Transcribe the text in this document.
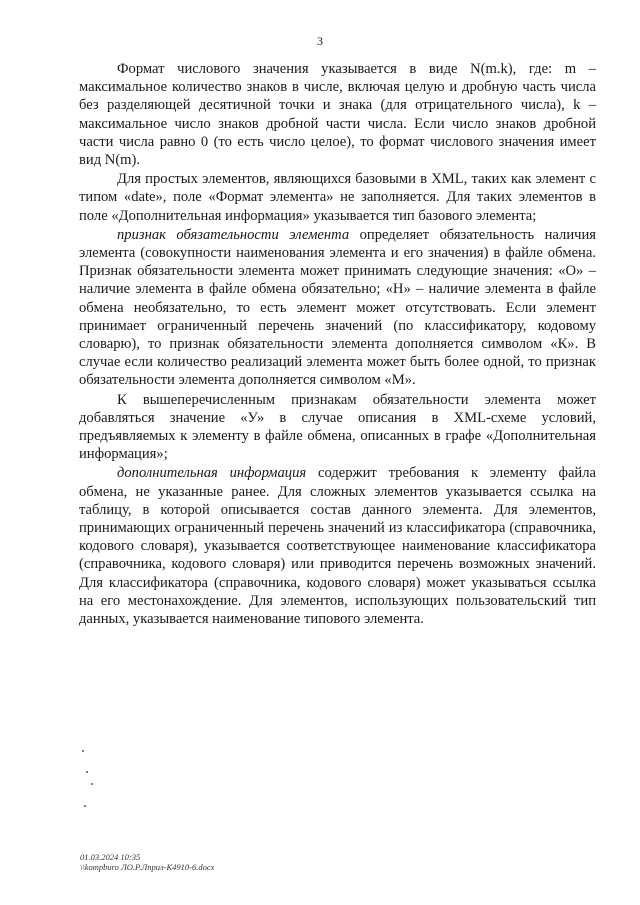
3

Формат числового значения указывается в виде N(m.k), где: m – максимальное количество знаков в числе, включая целую и дробную часть числа без разделяющей десятичной точки и знака (для отрицательного числа), k – максимальное число знаков дробной части числа. Если число знаков дробной части числа равно 0 (то есть число целое), то формат числового значения имеет вид N(m).

Для простых элементов, являющихся базовыми в XML, таких как элемент с типом «date», поле «Формат элемента» не заполняется. Для таких элементов в поле «Дополнительная информация» указывается тип базового элемента;

признак обязательности элемента определяет обязательность наличия элемента (совокупности наименования элемента и его значения) в файле обмена. Признак обязательности элемента может принимать следующие значения: «О» – наличие элемента в файле обмена обязательно; «Н» – наличие элемента в файле обмена необязательно, то есть элемент может отсутствовать. Если элемент принимает ограниченный перечень значений (по классификатору, кодовому словарю), то признак обязательности элемента дополняется символом «К». В случае если количество реализаций элемента может быть более одной, то признак обязательности элемента дополняется символом «М».

К вышеперечисленным признакам обязательности элемента может добавляться значение «У» в случае описания в XML-схеме условий, предъявляемых к элементу в файле обмена, описанных в графе «Дополнительная информация»;

дополнительная информация содержит требования к элементу файла обмена, не указанные ранее. Для сложных элементов указывается ссылка на таблицу, в которой описывается состав данного элемента. Для элементов, принимающих ограниченный перечень значений из классификатора (справочника, кодового словаря), указывается соответствующее наименование классификатора (справочника, кодового словаря) или приводится перечень возможных значений. Для классификатора (справочника, кодового словаря) может указываться ссылка на его местонахождение. Для элементов, использующих пользовательский тип данных, указывается наименование типового элемента.

01.03.2024 10:35
\\kompburo ЛО.Р.Лприл-К4910-6.docx
